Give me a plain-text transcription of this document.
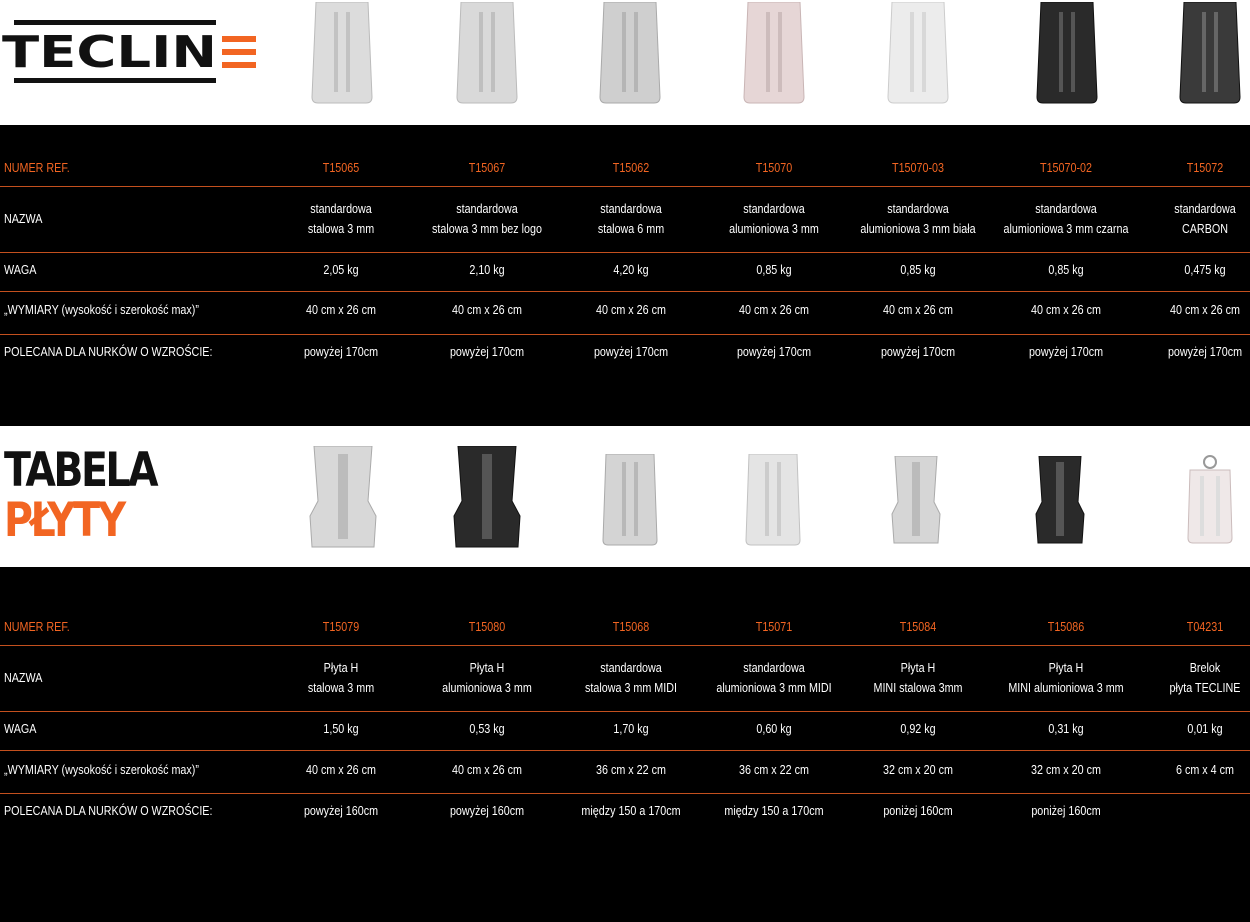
TECLIN
TABELA
PŁYTY
NUMER REF.
NAZWA
WAGA
„WYMIARY (wysokość i szerokość max)”
POLECANA DLA NURKÓW O WZROŚCIE:
NUMER REF.
NAZWA
WAGA
„WYMIARY (wysokość i szerokość max)”
POLECANA DLA NURKÓW O WZROŚCIE:
T15065
standardowa
stalowa 3 mm
2,05 kg
40 cm x 26 cm
powyżej 170cm
T15067
standardowa
stalowa 3 mm bez logo
2,10 kg
40 cm x 26 cm
powyżej 170cm
T15062
standardowa
stalowa 6 mm
4,20 kg
40 cm x 26 cm
powyżej 170cm
T15070
standardowa
alumioniowa 3 mm
0,85 kg
40 cm x 26 cm
powyżej 170cm
T15070-03
standardowa
alumioniowa 3 mm biała
0,85 kg
40 cm x 26 cm
powyżej 170cm
T15070-02
standardowa
alumioniowa 3 mm czarna
0,85 kg
40 cm x 26 cm
powyżej 170cm
T15072
standardowa
CARBON
0,475 kg
40 cm x 26 cm
powyżej 170cm
T15079
Płyta H
stalowa 3 mm
1,50 kg
40 cm x 26 cm
powyżej 160cm
T15080
Płyta H
alumioniowa 3 mm
0,53 kg
40 cm x 26 cm
powyżej 160cm
T15068
standardowa
stalowa 3 mm MIDI
1,70 kg
36 cm x 22 cm
między 150 a 170cm
T15071
standardowa
alumioniowa 3 mm MIDI
0,60 kg
36 cm x 22 cm
między 150 a 170cm
T15084
Płyta H
MINI stalowa 3mm
0,92 kg
32 cm x 20 cm
poniżej 160cm
T15086
Płyta H
MINI alumioniowa 3 mm
0,31 kg
32 cm x 20 cm
poniżej 160cm
T04231
Brelok
płyta TECLINE
0,01 kg
6 cm x 4 cm
